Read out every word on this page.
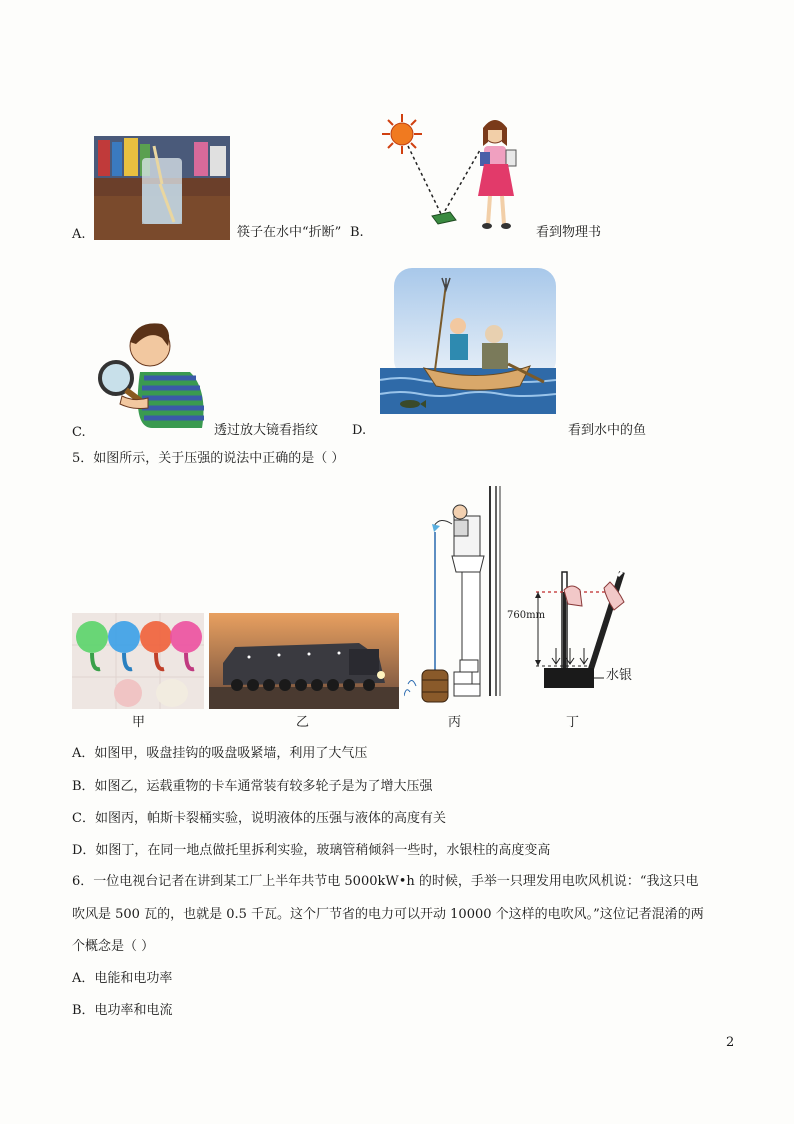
A.	筷子在水中“折断” B.	看到物理书
C.	透过放大镜看指纹	D.	看到水中的鱼
5．如图所示，关于压强的说法中正确的是（ ）
760mm
水银
甲	乙	丙	丁
A．如图甲，吸盘挂钩的吸盘吸紧墙，利用了大气压
B．如图乙，运载重物的卡车通常装有较多轮子是为了增大压强
C．如图丙，帕斯卡裂桶实验，说明液体的压强与液体的高度有关
D．如图丁，在同一地点做托里拆利实验，玻璃管稍倾斜一些时，水银柱的高度变高
6．一位电视台记者在讲到某工厂上半年共节电 5000kW•h 的时候，手举一只理发用电吹风机说：“我这只电
吹风是 500 瓦的，也就是 0.5 千瓦。这个厂节省的电力可以开动 10000 个这样的电吹风。”这位记者混淆的两
个概念是（ ）
A．电能和电功率
B．电功率和电流
2
